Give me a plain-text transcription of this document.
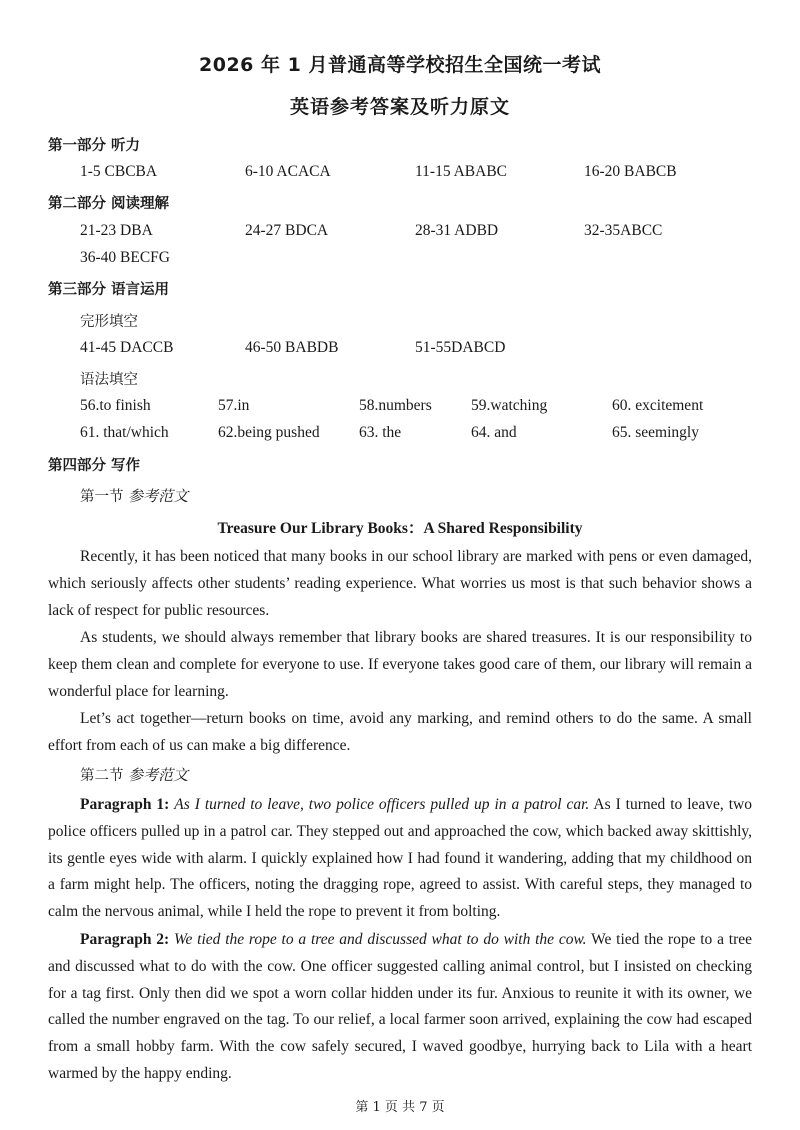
2026 年 1 月普通高等学校招生全国统一考试
英语参考答案及听力原文
第一部分 听力
1-5 CBCBA	6-10 ACACA	11-15 ABABC	16-20 BABCB
第二部分 阅读理解
21-23 DBA	24-27 BDCA	28-31 ADBD	32-35ABCC
36-40 BECFG
第三部分 语言运用
完形填空
41-45 DACCB	46-50 BABDB	51-55DABCD
语法填空
56.to finish	57.in	58.numbers	59.watching	60. excitement
61. that/which	62.being pushed	63. the	64. and	65. seemingly
第四部分 写作
第一节 参考范文
Treasure Our Library Books：A Shared Responsibility
Recently, it has been noticed that many books in our school library are marked with pens or even damaged, which seriously affects other students’ reading experience. What worries us most is that such behavior shows a lack of respect for public resources.
As students, we should always remember that library books are shared treasures. It is our responsibility to keep them clean and complete for everyone to use. If everyone takes good care of them, our library will remain a wonderful place for learning.
Let’s act together—return books on time, avoid any marking, and remind others to do the same. A small effort from each of us can make a big difference.
第二节 参考范文
Paragraph 1: As I turned to leave, two police officers pulled up in a patrol car. As I turned to leave, two police officers pulled up in a patrol car. They stepped out and approached the cow, which backed away skittishly, its gentle eyes wide with alarm. I quickly explained how I had found it wandering, adding that my childhood on a farm might help. The officers, noting the dragging rope, agreed to assist. With careful steps, they managed to calm the nervous animal, while I held the rope to prevent it from bolting.
Paragraph 2: We tied the rope to a tree and discussed what to do with the cow. We tied the rope to a tree and discussed what to do with the cow. One officer suggested calling animal control, but I insisted on checking for a tag first. Only then did we spot a worn collar hidden under its fur. Anxious to reunite it with its owner, we called the number engraved on the tag. To our relief, a local farmer soon arrived, explaining the cow had escaped from a small hobby farm. With the cow safely secured, I waved goodbye, hurrying back to Lila with a heart warmed by the happy ending.
第 1 页 共 7 页
